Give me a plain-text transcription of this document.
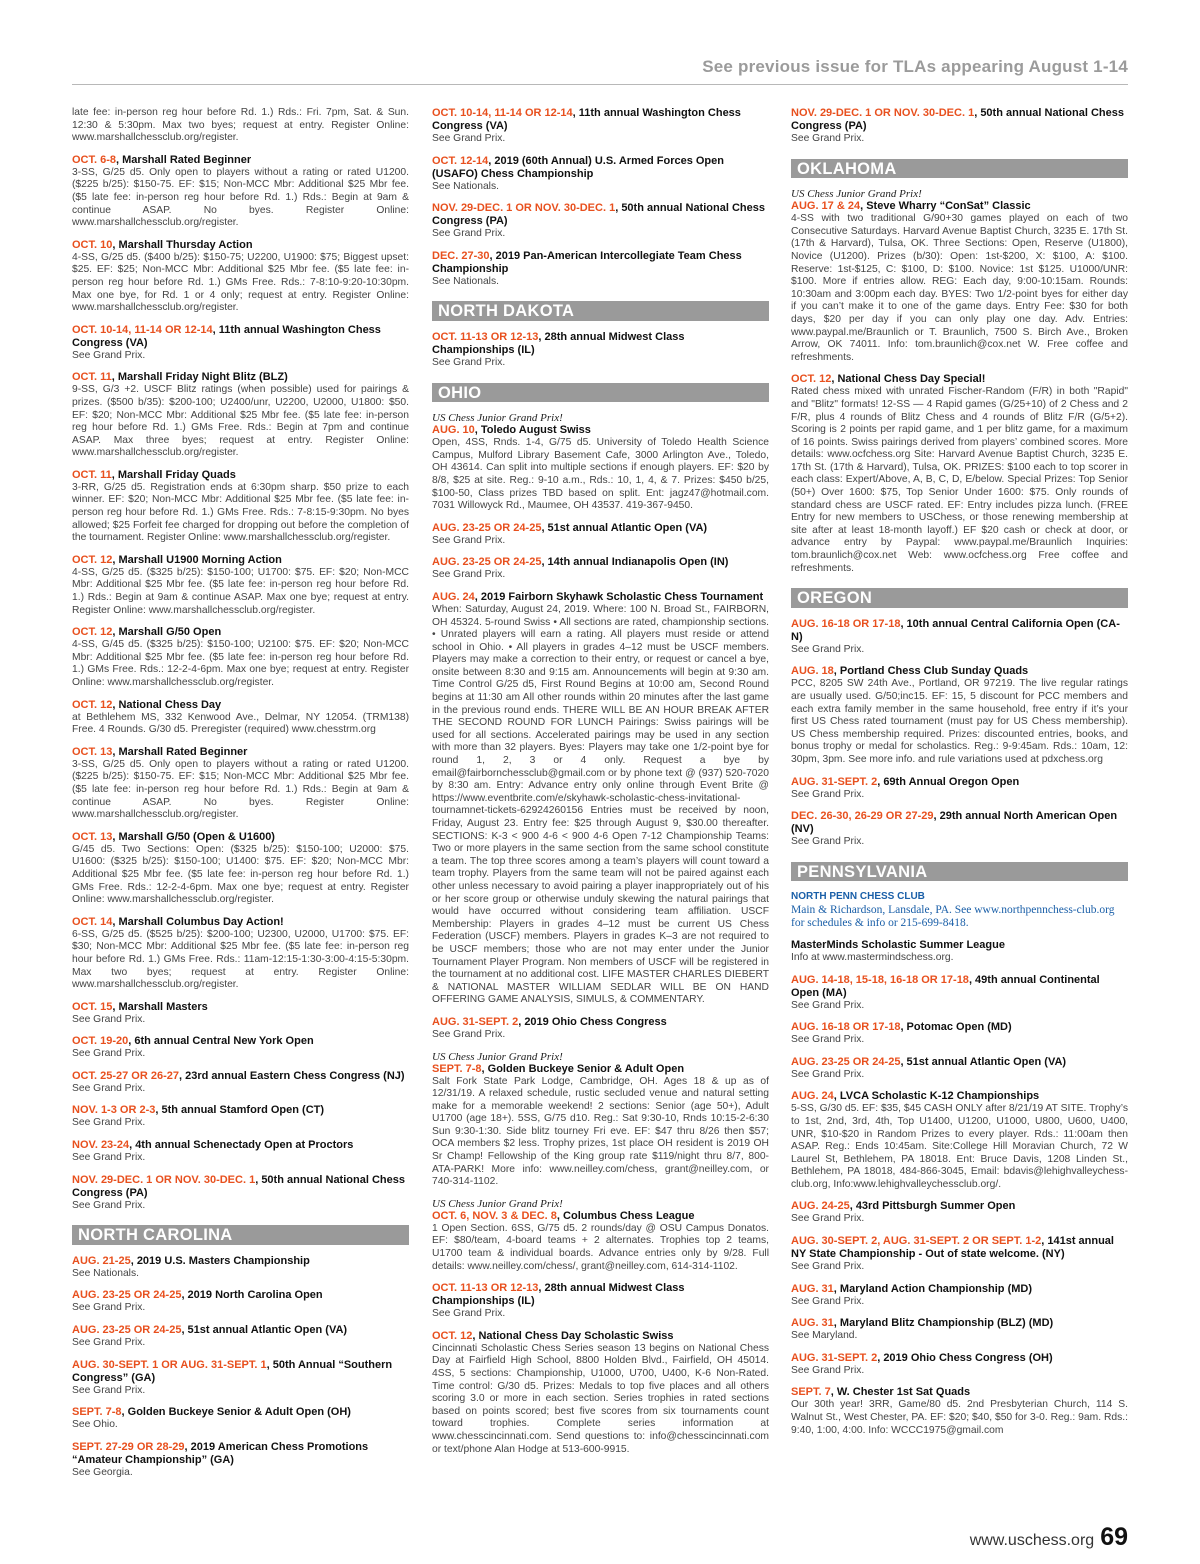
See previous issue for TLAs appearing August 1-14
late fee: in-person reg hour before Rd. 1.) Rds.: Fri. 7pm, Sat. & Sun. 12:30 & 5:30pm. Max two byes; request at entry. Register Online: www.marshallchessclub.org/register.
OCT. 6-8, Marshall Rated Beginner
3-SS, G/25 d5. Only open to players without a rating or rated U1200. ($225 b/25): $150-75. EF: $15; Non-MCC Mbr: Additional $25 Mbr fee. ($5 late fee: in-person reg hour before Rd. 1.) Rds.: Begin at 9am & continue ASAP. No byes. Register Online: www.marshallchessclub.org/register.
OCT. 10, Marshall Thursday Action
4-SS, G/25 d5. ($400 b/25): $150-75; U2200, U1900: $75; Biggest upset: $25. EF: $25; Non-MCC Mbr: Additional $25 Mbr fee. ($5 late fee: in-person reg hour before Rd. 1.) GMs Free. Rds.: 7-8:10-9:20-10:30pm. Max one bye, for Rd. 1 or 4 only; request at entry. Register Online: www.marshallchessclub.org/register.
OCT. 10-14, 11-14 OR 12-14, 11th annual Washington Chess Congress (VA)
See Grand Prix.
OCT. 11, Marshall Friday Night Blitz (BLZ)
9-SS, G/3 +2. USCF Blitz ratings (when possible) used for pairings & prizes. ($500 b/35): $200-100; U2400/unr, U2200, U2000, U1800: $50. EF: $20; Non-MCC Mbr: Additional $25 Mbr fee. ($5 late fee: in-person reg hour before Rd. 1.) GMs Free. Rds.: Begin at 7pm and continue ASAP. Max three byes; request at entry. Register Online: www.marshallchessclub.org/register.
OCT. 11, Marshall Friday Quads
3-RR, G/25 d5. Registration ends at 6:30pm sharp. $50 prize to each winner. EF: $20; Non-MCC Mbr: Additional $25 Mbr fee. ($5 late fee: in-person reg hour before Rd. 1.) GMs Free. Rds.: 7-8:15-9:30pm. No byes allowed; $25 Forfeit fee charged for dropping out before the completion of the tournament. Register Online: www.marshallchessclub.org/register.
OCT. 12, Marshall U1900 Morning Action
4-SS, G/25 d5. ($325 b/25): $150-100; U1700: $75. EF: $20; Non-MCC Mbr: Additional $25 Mbr fee. ($5 late fee: in-person reg hour before Rd. 1.) Rds.: Begin at 9am & continue ASAP. Max one bye; request at entry. Register Online: www.marshallchessclub.org/register.
OCT. 12, Marshall G/50 Open
4-SS, G/45 d5. ($325 b/25): $150-100; U2100: $75. EF: $20; Non-MCC Mbr: Additional $25 Mbr fee. ($5 late fee: in-person reg hour before Rd. 1.) GMs Free. Rds.: 12-2-4-6pm. Max one bye; request at entry. Register Online: www.marshallchessclub.org/register.
OCT. 12, National Chess Day
at Bethlehem MS, 332 Kenwood Ave., Delmar, NY 12054. (TRM138) Free. 4 Rounds. G/30 d5. Preregister (required) www.chesstrm.org
OCT. 13, Marshall Rated Beginner
3-SS, G/25 d5. Only open to players without a rating or rated U1200. ($225 b/25): $150-75. EF: $15; Non-MCC Mbr: Additional $25 Mbr fee. ($5 late fee: in-person reg hour before Rd. 1.) Rds.: Begin at 9am & continue ASAP. No byes. Register Online: www.marshallchessclub.org/register.
OCT. 13, Marshall G/50 (Open & U1600)
G/45 d5. Two Sections: Open: ($325 b/25): $150-100; U2000: $75. U1600: ($325 b/25): $150-100; U1400: $75. EF: $20; Non-MCC Mbr: Additional $25 Mbr fee. ($5 late fee: in-person reg hour before Rd. 1.) GMs Free. Rds.: 12-2-4-6pm. Max one bye; request at entry. Register Online: www.marshallchessclub.org/register.
OCT. 14, Marshall Columbus Day Action!
6-SS, G/25 d5. ($525 b/25): $200-100; U2300, U2000, U1700: $75. EF: $30; Non-MCC Mbr: Additional $25 Mbr fee. ($5 late fee: in-person reg hour before Rd. 1.) GMs Free. Rds.: 11am-12:15-1:30-3:00-4:15-5:30pm. Max two byes; request at entry. Register Online: www.marshallchessclub.org/register.
OCT. 15, Marshall Masters
See Grand Prix.
OCT. 19-20, 6th annual Central New York Open
See Grand Prix.
OCT. 25-27 OR 26-27, 23rd annual Eastern Chess Congress (NJ)
See Grand Prix.
NOV. 1-3 OR 2-3, 5th annual Stamford Open (CT)
See Grand Prix.
NOV. 23-24, 4th annual Schenectady Open at Proctors
See Grand Prix.
NOV. 29-DEC. 1 OR NOV. 30-DEC. 1, 50th annual National Chess Congress (PA)
See Grand Prix.
NORTH CAROLINA
AUG. 21-25, 2019 U.S. Masters Championship
See Nationals.
AUG. 23-25 OR 24-25, 2019 North Carolina Open
See Grand Prix.
AUG. 23-25 OR 24-25, 51st annual Atlantic Open (VA)
See Grand Prix.
AUG. 30-SEPT. 1 OR AUG. 31-SEPT. 1, 50th Annual “Southern Congress” (GA)
See Grand Prix.
SEPT. 7-8, Golden Buckeye Senior & Adult Open (OH)
See Ohio.
SEPT. 27-29 OR 28-29, 2019 American Chess Promotions “Amateur Championship” (GA)
See Georgia.
OCT. 10-14, 11-14 OR 12-14, 11th annual Washington Chess Congress (VA)
See Grand Prix.
OCT. 12-14, 2019 (60th Annual) U.S. Armed Forces Open (USAFO) Chess Championship
See Nationals.
NOV. 29-DEC. 1 OR NOV. 30-DEC. 1, 50th annual National Chess Congress (PA)
See Grand Prix.
DEC. 27-30, 2019 Pan-American Intercollegiate Team Chess Championship
See Nationals.
NORTH DAKOTA
OCT. 11-13 OR 12-13, 28th annual Midwest Class Championships (IL)
See Grand Prix.
OHIO
US Chess Junior Grand Prix!
AUG. 10, Toledo August Swiss
Open, 4SS, Rnds. 1-4, G/75 d5. University of Toledo Health Science Campus, Mulford Library Basement Cafe, 3000 Arlington Ave., Toledo, OH 43614. Can split into multiple sections if enough players. EF: $20 by 8/8, $25 at site. Reg.: 9-10 a.m., Rds.: 10, 1, 4, & 7. Prizes: $450 b/25, $100-50, Class prizes TBD based on split. Ent: jagz47@hotmail.com. 7031 Willowyck Rd., Maumee, OH 43537. 419-367-9450.
AUG. 23-25 OR 24-25, 51st annual Atlantic Open (VA)
See Grand Prix.
AUG. 23-25 OR 24-25, 14th annual Indianapolis Open (IN)
See Grand Prix.
AUG. 24, 2019 Fairborn Skyhawk Scholastic Chess Tournament
When: Saturday, August 24, 2019. Where: 100 N. Broad St., FAIRBORN, OH 45324. 5-round Swiss • All sections are rated, championship sections. • Unrated players will earn a rating. All players must reside or attend school in Ohio. • All players in grades 4–12 must be USCF members. Players may make a correction to their entry, or request or cancel a bye, onsite between 8:30 and 9:15 am. Announcements will begin at 9:30 am. Time Control G/25 d5, First Round Begins at 10:00 am, Second Round begins at 11:30 am All other rounds within 20 minutes after the last game in the previous round ends. THERE WILL BE AN HOUR BREAK AFTER THE SECOND ROUND FOR LUNCH Pairings: Swiss pairings will be used for all sections. Accelerated pairings may be used in any section with more than 32 players. Byes: Players may take one 1/2-point bye for round 1, 2, 3 or 4 only. Request a bye by email@fairbornchessclub@gmail.com or by phone text @ (937) 520-7020 by 8:30 am. Entry: Advance entry only online through Event Brite @ https://www.eventbrite.com/e/skyhawk-scholastic-chess-invitational-tournamnet-tickets-62924260156 Entries must be received by noon, Friday, August 23. Entry fee: $25 through August 9, $30.00 thereafter. SECTIONS: K-3 < 900 4-6 < 900 4-6 Open 7-12 Championship Teams: Two or more players in the same section from the same school constitute a team. The top three scores among a team’s players will count toward a team trophy. Players from the same team will not be paired against each other unless necessary to avoid pairing a player inappropriately out of his or her score group or otherwise unduly skewing the natural pairings that would have occurred without considering team affiliation. USCF Membership: Players in grades 4–12 must be current US Chess Federation (USCF) members. Players in grades K–3 are not required to be USCF members; those who are not may enter under the Junior Tournament Player Program. Non members of USCF will be registered in the tournament at no additional cost. LIFE MASTER CHARLES DIEBERT & NATIONAL MASTER WILLIAM SEDLAR WILL BE ON HAND OFFERING GAME ANALYSIS, SIMULS, & COMMENTARY.
AUG. 31-SEPT. 2, 2019 Ohio Chess Congress
See Grand Prix.
US Chess Junior Grand Prix!
SEPT. 7-8, Golden Buckeye Senior & Adult Open
Salt Fork State Park Lodge, Cambridge, OH. Ages 18 & up as of 12/31/19. A relaxed schedule, rustic secluded venue and natural setting make for a memorable weekend! 2 sections: Senior (age 50+), Adult U1700 (age 18+). 5SS, G/75 d10. Reg.: Sat 9:30-10, Rnds 10:15-2-6:30 Sun 9:30-1:30. Side blitz tourney Fri eve. EF: $47 thru 8/26 then $57; OCA members $2 less. Trophy prizes, 1st place OH resident is 2019 OH Sr Champ! Fellowship of the King group rate $119/night thru 8/7, 800-ATA-PARK! More info: www.neilley.com/chess, grant@neilley.com, or 740-314-1102.
US Chess Junior Grand Prix!
OCT. 6, NOV. 3 & DEC. 8, Columbus Chess League
1 Open Section. 6SS, G/75 d5. 2 rounds/day @ OSU Campus Donatos. EF: $80/team, 4-board teams + 2 alternates. Trophies top 2 teams, U1700 team & individual boards. Advance entries only by 9/28. Full details: www.neilley.com/chess/, grant@neilley.com, 614-314-1102.
OCT. 11-13 OR 12-13, 28th annual Midwest Class Championships (IL)
See Grand Prix.
OCT. 12, National Chess Day Scholastic Swiss
Cincinnati Scholastic Chess Series season 13 begins on National Chess Day at Fairfield High School, 8800 Holden Blvd., Fairfield, OH 45014. 4SS, 5 sections: Championship, U1000, U700, U400, K-6 Non-Rated. Time control: G/30 d5. Prizes: Medals to top five places and all others scoring 3.0 or more in each section. Series trophies in rated sections based on points scored; best five scores from six tournaments count toward trophies. Complete series information at www.chesscincinnati.com. Send questions to: info@chesscincinnati.com or text/phone Alan Hodge at 513-600-9915.
NOV. 29-DEC. 1 OR NOV. 30-DEC. 1, 50th annual National Chess Congress (PA)
See Grand Prix.
OKLAHOMA
US Chess Junior Grand Prix!
AUG. 17 & 24, Steve Wharry “ConSat” Classic
4-SS with two traditional G/90+30 games played on each of two Consecutive Saturdays. Harvard Avenue Baptist Church, 3235 E. 17th St. (17th & Harvard), Tulsa, OK. Three Sections: Open, Reserve (U1800), Novice (U1200). Prizes (b/30): Open: 1st-$200, X: $100, A: $100. Reserve: 1st-$125, C: $100, D: $100. Novice: 1st $125. U1000/UNR: $100. More if entries allow. REG: Each day, 9:00-10:15am. Rounds: 10:30am and 3:00pm each day. BYES: Two 1/2-point byes for either day if you can’t make it to one of the game days. Entry Fee: $30 for both days, $20 per day if you can only play one day. Adv. Entries: www.paypal.me/Braunlich or T. Braunlich, 7500 S. Birch Ave., Broken Arrow, OK 74011. Info: tom.braunlich@cox.net W. Free coffee and refreshments.
OCT. 12, National Chess Day Special!
Rated chess mixed with unrated Fischer-Random (F/R) in both "Rapid" and "Blitz" formats! 12-SS — 4 Rapid games (G/25+10) of 2 Chess and 2 F/R, plus 4 rounds of Blitz Chess and 4 rounds of Blitz F/R (G/5+2). Scoring is 2 points per rapid game, and 1 per blitz game, for a maximum of 16 points. Swiss pairings derived from players’ combined scores. More details: www.ocfchess.org Site: Harvard Avenue Baptist Church, 3235 E. 17th St. (17th & Harvard), Tulsa, OK. PRIZES: $100 each to top scorer in each class: Expert/Above, A, B, C, D, E/below. Special Prizes: Top Senior (50+) Over 1600: $75, Top Senior Under 1600: $75. Only rounds of standard chess are USCF rated. EF: Entry includes pizza lunch. (FREE Entry for new members to USChess, or those renewing membership at site after at least 18-month layoff.) EF $20 cash or check at door, or advance entry by Paypal: www.paypal.me/Braunlich Inquiries: tom.braunlich@cox.net Web: www.ocfchess.org Free coffee and refreshments.
OREGON
AUG. 16-18 OR 17-18, 10th annual Central California Open (CA-N)
See Grand Prix.
AUG. 18, Portland Chess Club Sunday Quads
PCC, 8205 SW 24th Ave., Portland, OR 97219. The live regular ratings are usually used. G/50;inc15. EF: 15, 5 discount for PCC members and each extra family member in the same household, free entry if it’s your first US Chess rated tournament (must pay for US Chess membership). US Chess membership required. Prizes: discounted entries, books, and bonus trophy or medal for scholastics. Reg.: 9-9:45am. Rds.: 10am, 12: 30pm, 3pm. See more info. and rule variations used at pdxchess.org
AUG. 31-SEPT. 2, 69th Annual Oregon Open
See Grand Prix.
DEC. 26-30, 26-29 OR 27-29, 29th annual North American Open (NV)
See Grand Prix.
PENNSYLVANIA
NORTH PENN CHESS CLUB
Main & Richardson, Lansdale, PA. See www.northpennchess-club.org for schedules & info or 215-699-8418.
MasterMinds Scholastic Summer League
Info at www.mastermindschess.org.
AUG. 14-18, 15-18, 16-18 OR 17-18, 49th annual Continental Open (MA)
See Grand Prix.
AUG. 16-18 OR 17-18, Potomac Open (MD)
See Grand Prix.
AUG. 23-25 OR 24-25, 51st annual Atlantic Open (VA)
See Grand Prix.
AUG. 24, LVCA Scholastic K-12 Championships
5-SS, G/30 d5. EF: $35, $45 CASH ONLY after 8/21/19 AT SITE. Trophy’s to 1st, 2nd, 3rd, 4th, Top U1400, U1200, U1000, U800, U600, U400, UNR, $10-$20 in Random Prizes to every player. Rds.: 11:00am then ASAP. Reg.: Ends 10:45am. Site:College Hill Moravian Church, 72 W Laurel St, Bethlehem, PA 18018. Ent: Bruce Davis, 1208 Linden St., Bethlehem, PA 18018, 484-866-3045, Email: bdavis@lehighvalleychess-club.org, Info:www.lehighvalleychessclub.org/.
AUG. 24-25, 43rd Pittsburgh Summer Open
See Grand Prix.
AUG. 30-SEPT. 2, AUG. 31-SEPT. 2 OR SEPT. 1-2, 141st annual NY State Championship - Out of state welcome. (NY)
See Grand Prix.
AUG. 31, Maryland Action Championship (MD)
See Grand Prix.
AUG. 31, Maryland Blitz Championship (BLZ) (MD)
See Maryland.
AUG. 31-SEPT. 2, 2019 Ohio Chess Congress (OH)
See Grand Prix.
SEPT. 7, W. Chester 1st Sat Quads
Our 30th year! 3RR, Game/80 d5. 2nd Presbyterian Church, 114 S. Walnut St., West Chester, PA. EF: $20; $40, $50 for 3-0. Reg.: 9am. Rds.: 9:40, 1:00, 4:00. Info: WCCC1975@gmail.com
www.uschess.org 69
